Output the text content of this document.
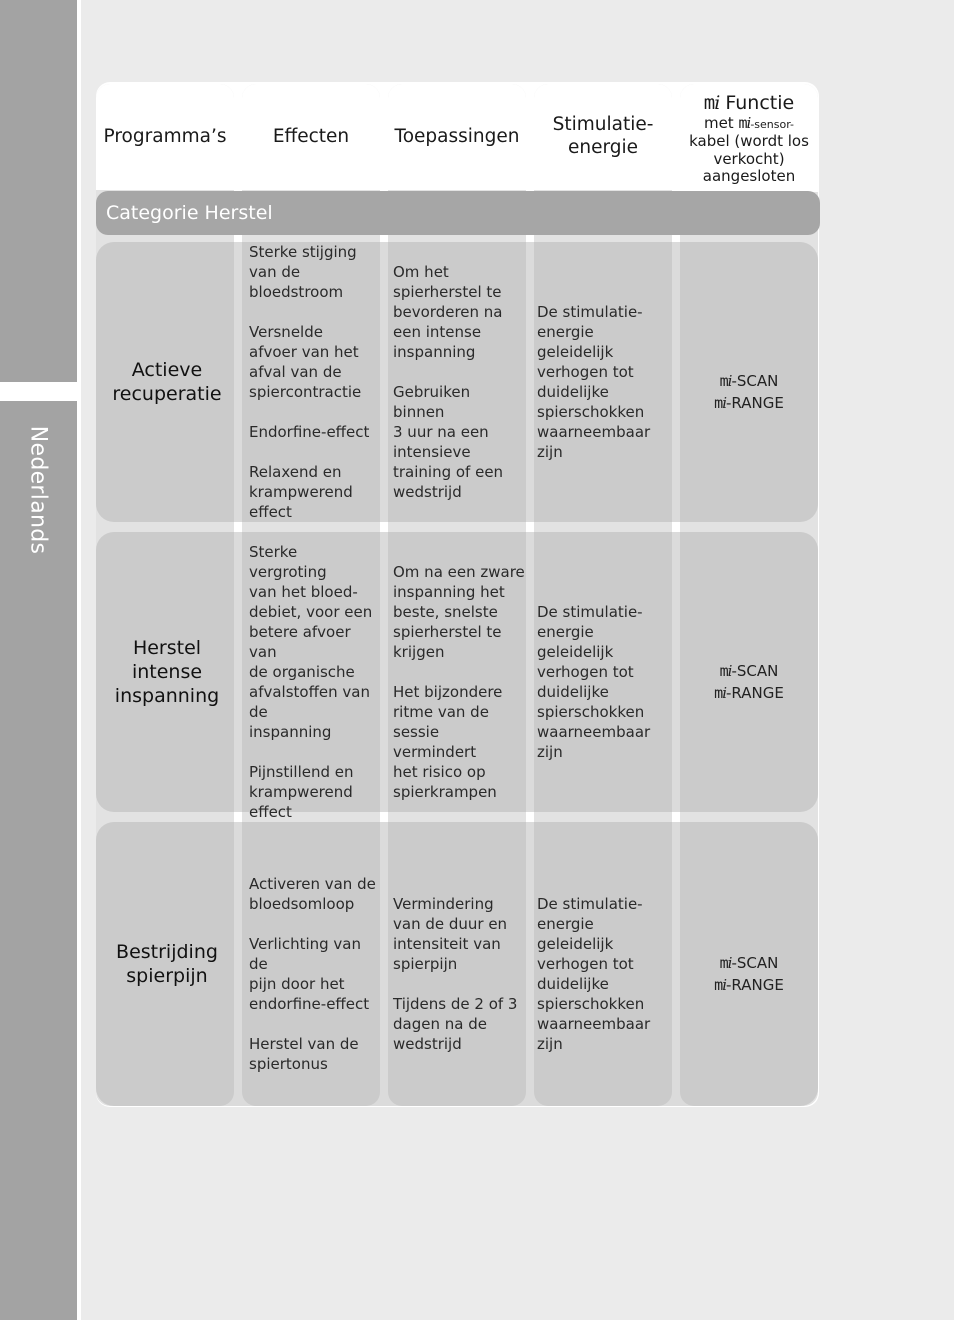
Nederlands
Programma’s	Effecten Toepassingen
Stimulatie-
energie
mi Functie
met mi-sensor-
kabel (wordt los
verkocht)
aangesloten
Categorie Herstel
Actieve
recuperatie
Sterke stijging
van de
bloedstroom

Versnelde
afvoer van het
afval van de
spiercontractie

Endorfine-effect

Relaxend en
krampwerend
effect
Om het
spierherstel te
bevorderen na
een intense
inspanning

Gebruiken binnen
3 uur na een
intensieve
training of een
wedstrijd
De stimulatie-
energie geleidelijk
verhogen tot
duidelijke
spierschokken
waarneembaar
zijn
mi-SCAN
mi-RANGE
Herstel
intense
inspanning
Sterke vergroting
van het bloed-
debiet, voor een
betere afvoer van
de organische
afvalstoffen van de
inspanning

Pijnstillend en
krampwerend
effect
Om na een zware
inspanning het
beste, snelste
spierherstel te
krijgen

Het bijzondere
ritme van de
sessie vermindert
het risico op
spierkrampen
De stimulatie-
energie geleidelijk
verhogen tot
duidelijke
spierschokken
waarneembaar
zijn
mi-SCAN
mi-RANGE
Bestrijding
spierpijn
Activeren van de
bloedsomloop

Verlichting van de
pijn door het
endorfine-effect

Herstel van de
spiertonus
Vermindering
van de duur en
intensiteit van
spierpijn

Tijdens de 2 of 3
dagen na de
wedstrijd
De stimulatie-
energie geleidelijk
verhogen tot
duidelijke
spierschokken
waarneembaar
zijn
mi-SCAN
mi-RANGE
